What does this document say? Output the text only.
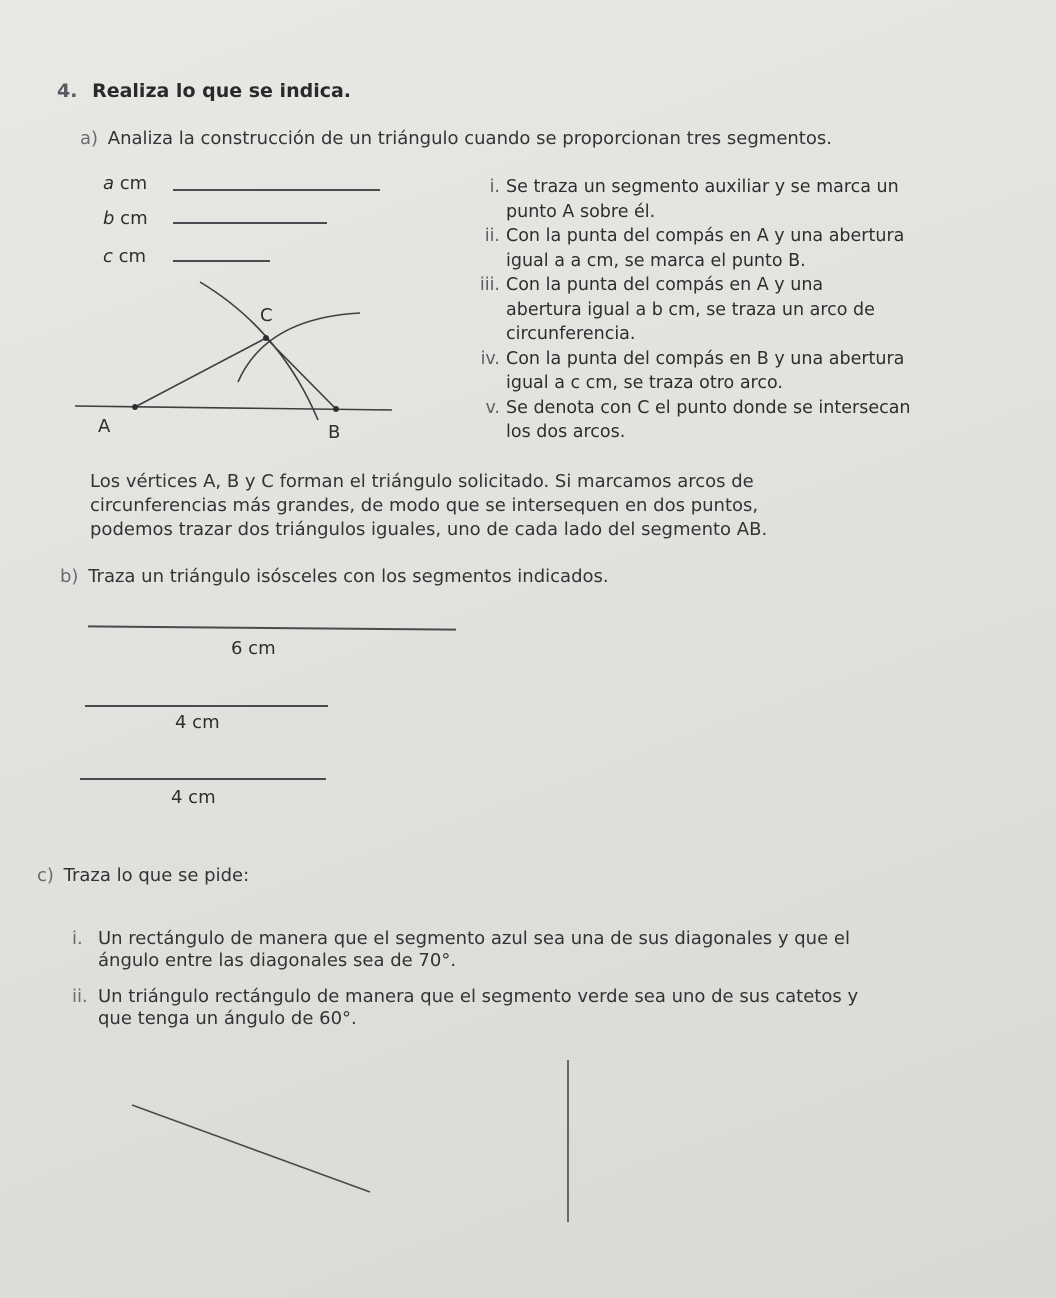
4. Realiza lo que se indica.
a) Analiza la construcción de un triángulo cuando se proporcionan tres segmentos.
a cm
b cm
c cm
C
A	B
i. Se traza un segmento auxiliar y se marca un
punto A sobre él.
ii. Con la punta del compás en A y una abertura
igual a a cm, se marca el punto B.
iii. Con la punta del compás en A y una
abertura igual a b cm, se traza un arco de
circunferencia.
iv. Con la punta del compás en B y una abertura
igual a c cm, se traza otro arco.
v. Se denota con C el punto donde se intersecan
los dos arcos.
Los vértices A, B y C forman el triángulo solicitado. Si marcamos arcos de
circunferencias más grandes, de modo que se intersequen en dos puntos,
podemos trazar dos triángulos iguales, uno de cada lado del segmento AB.
b) Traza un triángulo isósceles con los segmentos indicados.
6 cm
4 cm
4 cm
c) Traza lo que se pide:
i. Un rectángulo de manera que el segmento azul sea una de sus diagonales y que el
ángulo entre las diagonales sea de 70°.
ii. Un triángulo rectángulo de manera que el segmento verde sea uno de sus catetos y
que tenga un ángulo de 60°.
